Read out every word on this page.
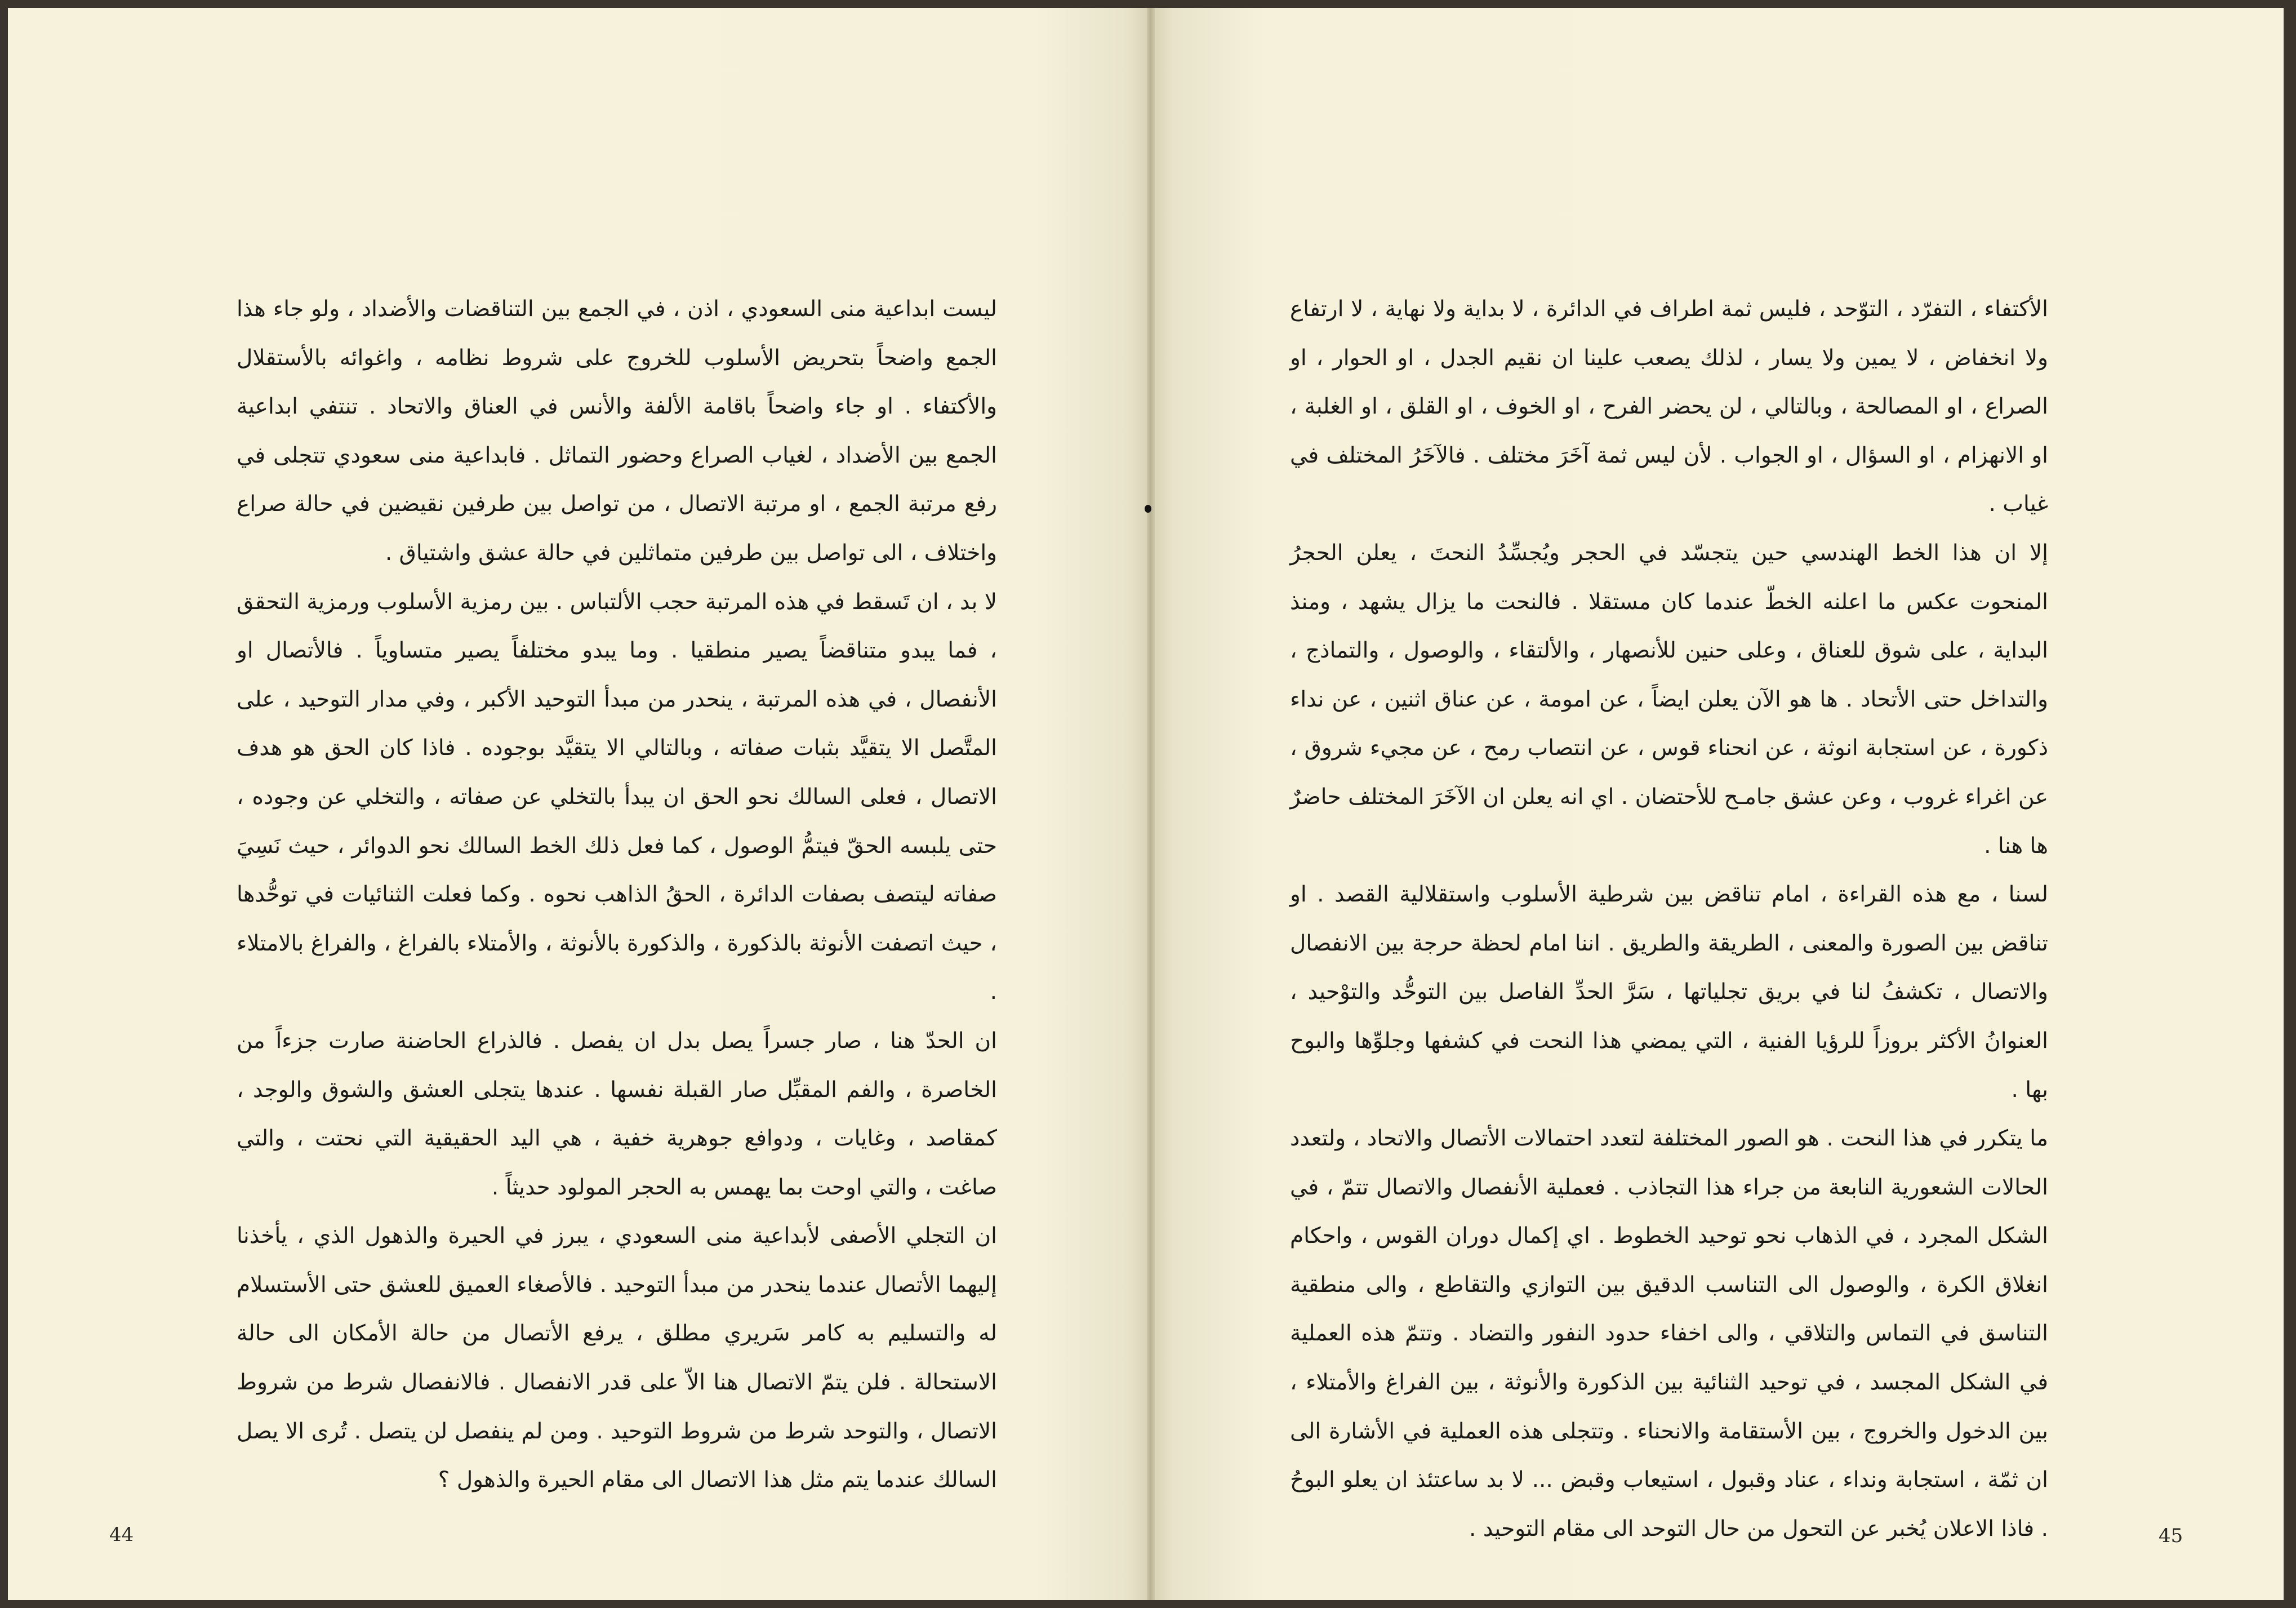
ليست ابداعية منى السعودي ، اذن ، في الجمع بين التناقضات والأضداد ، ولو جاء هذا الجمع واضحاً بتحريض الأسلوب للخروج على شروط نظامه ، واغوائه بالأستقلال والأكتفاء . او جاء واضحاً باقامة الألفة والأنس في العناق والاتحاد . تنتفي ابداعية الجمع بين الأضداد ، لغياب الصراع وحضور التماثل . فابداعية منى سعودي تتجلى في رفع مرتبة الجمع ، او مرتبة الاتصال ، من تواصل بين طرفين نقيضين في حالة صراع واختلاف ، الى تواصل بين طرفين متماثلين في حالة عشق واشتياق .

لا بد ، ان تَسقط في هذه المرتبة حجب الألتباس . بين رمزية الأسلوب ورمزية التحقق ، فما يبدو متناقضاً يصير منطقيا . وما يبدو مختلفاً يصير متساوياً . فالأتصال او الأنفصال ، في هذه المرتبة ، ينحدر من مبدأ التوحيد الأكبر ، وفي مدار التوحيد ، على المتَّصل الا يتقيَّد بثبات صفاته ، وبالتالي الا يتقيَّد بوجوده . فاذا كان الحق هو هدف الاتصال ، فعلى السالك نحو الحق ان يبدأ بالتخلي عن صفاته ، والتخلي عن وجوده ، حتى يلبسه الحقّ فيتمُّ الوصول ، كما فعل ذلك الخط السالك نحو الدوائر ، حيث نَسِيَ صفاته ليتصف بصفات الدائرة ، الحقُ الذاهب نحوه . وكما فعلت الثنائيات في توحُّدها ، حيث اتصفت الأنوثة بالذكورة ، والذكورة بالأنوثة ، والأمتلاء بالفراغ ، والفراغ بالامتلاء .

ان الحدّ هنا ، صار جسراً يصل بدل ان يفصل . فالذراع الحاضنة صارت جزءاً من الخاصرة ، والفم المقبِّل صار القبلة نفسها . عندها يتجلى العشق والشوق والوجد ، كمقاصد ، وغايات ، ودوافع جوهرية خفية ، هي اليد الحقيقية التي نحتت ، والتي صاغت ، والتي اوحت بما يهمس به الحجر المولود حديثاً .

ان التجلي الأصفى لأبداعية منى السعودي ، يبرز في الحيرة والذهول الذي ، يأخذنا إليهما الأتصال عندما ينحدر من مبدأ التوحيد . فالأصغاء العميق للعشق حتى الأستسلام له والتسليم به كامر سَريري مطلق ، يرفع الأتصال من حالة الأمكان الى حالة الاستحالة . فلن يتمّ الاتصال هنا الاّ على قدر الانفصال . فالانفصال شرط من شروط الاتصال ، والتوحد شرط من شروط التوحيد . ومن لم ينفصل لن يتصل . تُرى الا يصل السالك عندما يتم مثل هذا الاتصال الى مقام الحيرة والذهول ؟

44

الأكتفاء ، التفرّد ، التوّحد ، فليس ثمة اطراف في الدائرة ، لا بداية ولا نهاية ، لا ارتفاع ولا انخفاض ، لا يمين ولا يسار ، لذلك يصعب علينا ان نقيم الجدل ، او الحوار ، او الصراع ، او المصالحة ، وبالتالي ، لن يحضر الفرح ، او الخوف ، او القلق ، او الغلبة ، او الانهزام ، او السؤال ، او الجواب . لأن ليس ثمة آخَرَ مختلف . فالآخَرُ المختلف في غياب .

إلا ان هذا الخط الهندسي حين يتجسّد في الحجر ويُجسِّدُ النحتَ ، يعلن الحجرُ المنحوت عكس ما اعلنه الخطّ عندما كان مستقلا . فالنحت ما يزال يشهد ، ومنذ البداية ، على شوق للعناق ، وعلى حنين للأنصهار ، والألتقاء ، والوصول ، والتماذج ، والتداخل حتى الأتحاد . ها هو الآن يعلن ايضاً ، عن امومة ، عن عناق اثنين ، عن نداء ذكورة ، عن استجابة انوثة ، عن انحناء قوس ، عن انتصاب رمح ، عن مجيء شروق ، عن اغراء غروب ، وعن عشق جامـح للأحتضان . اي انه يعلن ان الآخَرَ المختلف حاضرٌ ها هنا .

لسنا ، مع هذه القراءة ، امام تناقض بين شرطية الأسلوب واستقلالية القصد . او تناقض بين الصورة والمعنى ، الطريقة والطريق . اننا امام لحظة حرجة بين الانفصال والاتصال ، تكشفُ لنا في بريق تجلياتها ، سَرَّ الحدِّ الفاصل بين التوحُّد والتوْحيد ، العنوانُ الأكثر بروزاً للرؤيا الفنية ، التي يمضي هذا النحت في كشفها وجلوِّها والبوح بها .

ما يتكرر في هذا النحت . هو الصور المختلفة لتعدد احتمالات الأتصال والاتحاد ، ولتعدد الحالات الشعورية النابعة من جراء هذا التجاذب . فعملية الأنفصال والاتصال تتمّ ، في الشكل المجرد ، في الذهاب نحو توحيد الخطوط . اي إكمال دوران القوس ، واحكام انغلاق الكرة ، والوصول الى التناسب الدقيق بين التوازي والتقاطع ، والى منطقية التناسق في التماس والتلاقي ، والى اخفاء حدود النفور والتضاد . وتتمّ هذه العملية في الشكل المجسد ، في توحيد الثنائية بين الذكورة والأنوثة ، بين الفراغ والأمتلاء ، بين الدخول والخروج ، بين الأستقامة والانحناء . وتتجلى هذه العملية في الأشارة الى ان ثمّة ، استجابة ونداء ، عناد وقبول ، استيعاب وقبض ... لا بد ساعتئذ ان يعلو البوحُ . فاذا الاعلان يُخبر عن التحول من حال التوحد الى مقام التوحيد .	45
